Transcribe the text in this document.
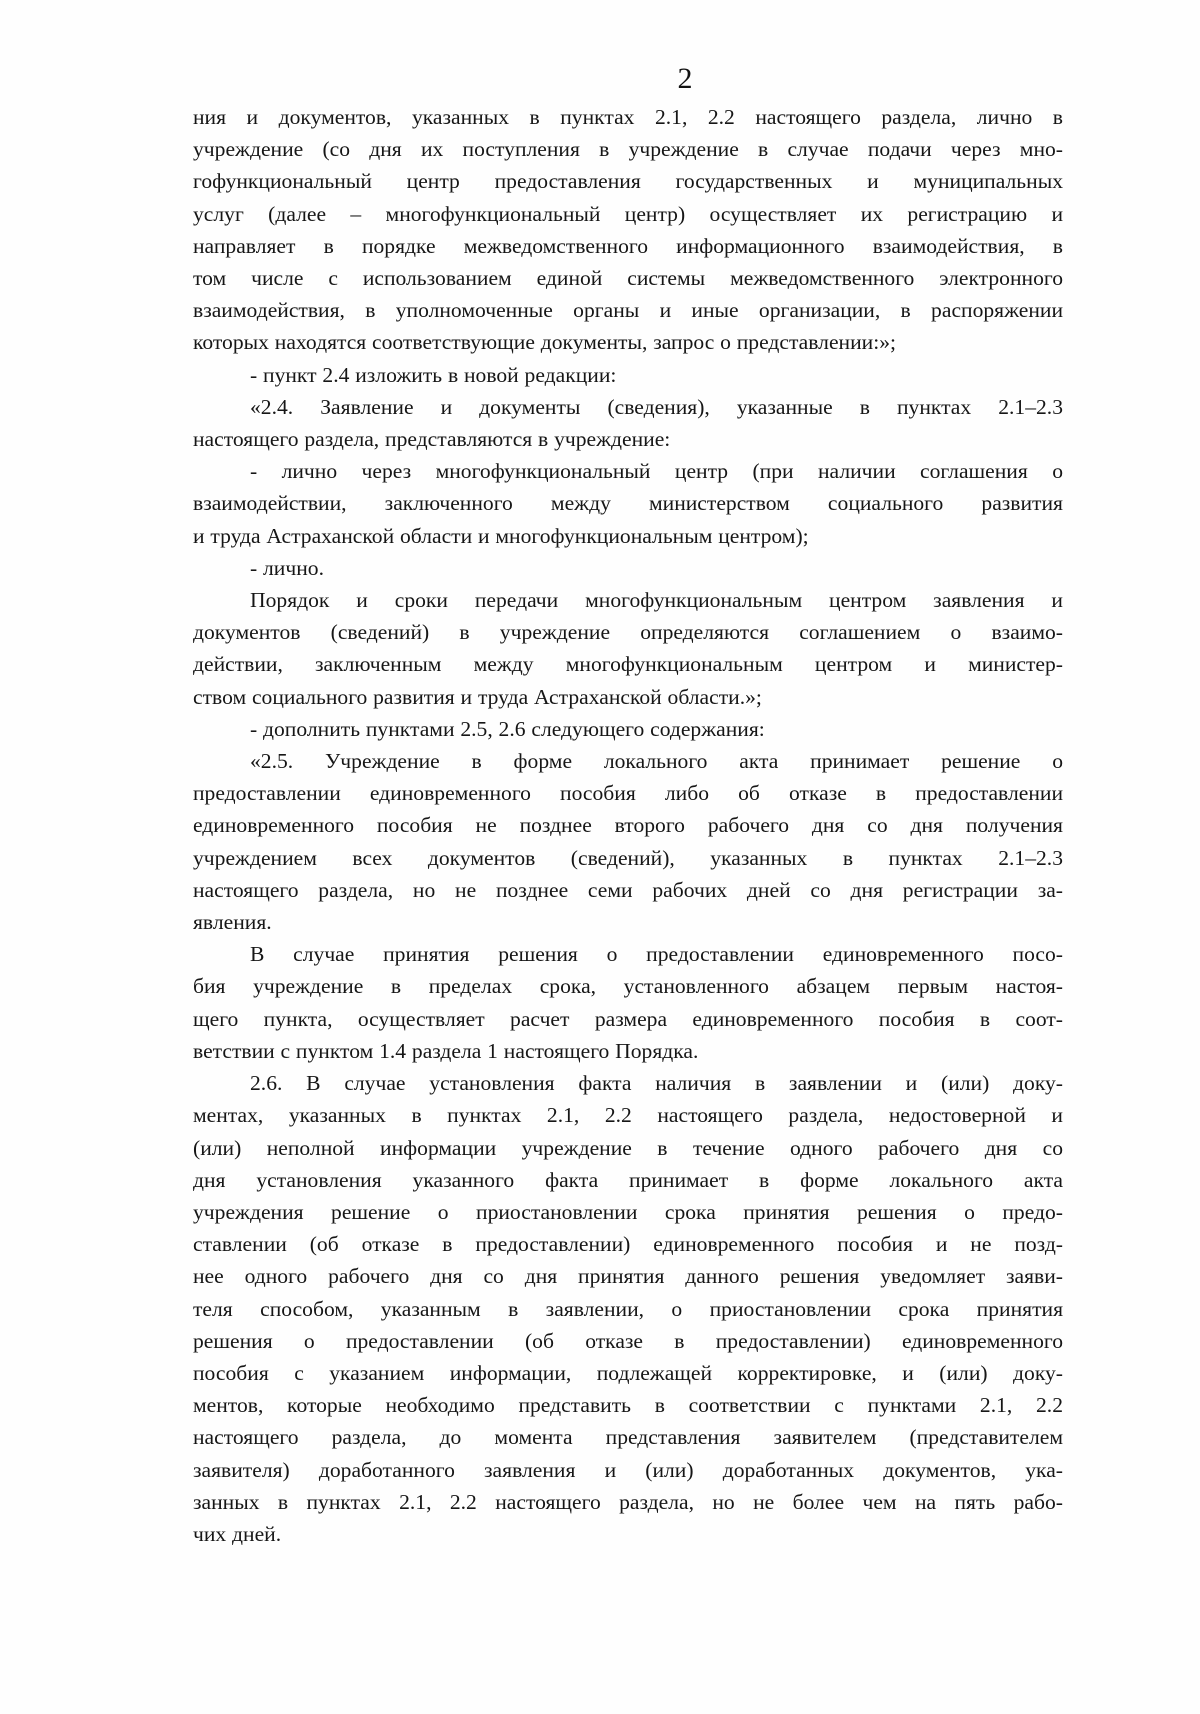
2
ния и документов, указанных в пунктах 2.1, 2.2 настоящего раздела, лично в
учреждение (со дня их поступления в учреждение в случае подачи через мно-
гофункциональный центр предоставления государственных и муниципальных
услуг (далее – многофункциональный центр) осуществляет их регистрацию и
направляет в порядке межведомственного информационного взаимодействия, в
том числе с использованием единой системы межведомственного электронного
взаимодействия, в уполномоченные органы и иные организации, в распоряжении
которых находятся соответствующие документы, запрос о представлении:»;
- пункт 2.4 изложить в новой редакции:
«2.4. Заявление и документы (сведения), указанные в пунктах 2.1–2.3
настоящего раздела, представляются в учреждение:
- лично через многофункциональный центр (при наличии соглашения о
взаимодействии, заключенного между министерством социального развития
и труда Астраханской области и многофункциональным центром);
- лично.
Порядок и сроки передачи многофункциональным центром заявления и
документов (сведений) в учреждение определяются соглашением о взаимо-
действии, заключенным между многофункциональным центром и министер-
ством социального развития и труда Астраханской области.»;
- дополнить пунктами 2.5, 2.6 следующего содержания:
«2.5. Учреждение в форме локального акта принимает решение о
предоставлении единовременного пособия либо об отказе в предоставлении
единовременного пособия не позднее второго рабочего дня со дня получения
учреждением всех документов (сведений), указанных в пунктах 2.1–2.3
настоящего раздела, но не позднее семи рабочих дней со дня регистрации за-
явления.
В случае принятия решения о предоставлении единовременного посо-
бия учреждение в пределах срока, установленного абзацем первым настоя-
щего пункта, осуществляет расчет размера единовременного пособия в соот-
ветствии с пунктом 1.4 раздела 1 настоящего Порядка.
2.6. В случае установления факта наличия в заявлении и (или) доку-
ментах, указанных в пунктах 2.1, 2.2 настоящего раздела, недостоверной и
(или) неполной информации учреждение в течение одного рабочего дня со
дня установления указанного факта принимает в форме локального акта
учреждения решение о приостановлении срока принятия решения о предо-
ставлении (об отказе в предоставлении) единовременного пособия и не позд-
нее одного рабочего дня со дня принятия данного решения уведомляет заяви-
теля способом, указанным в заявлении, о приостановлении срока принятия
решения о предоставлении (об отказе в предоставлении) единовременного
пособия с указанием информации, подлежащей корректировке, и (или) доку-
ментов, которые необходимо представить в соответствии с пунктами 2.1, 2.2
настоящего раздела, до момента представления заявителем (представителем
заявителя) доработанного заявления и (или) доработанных документов, ука-
занных в пунктах 2.1, 2.2 настоящего раздела, но не более чем на пять рабо-
чих дней.
